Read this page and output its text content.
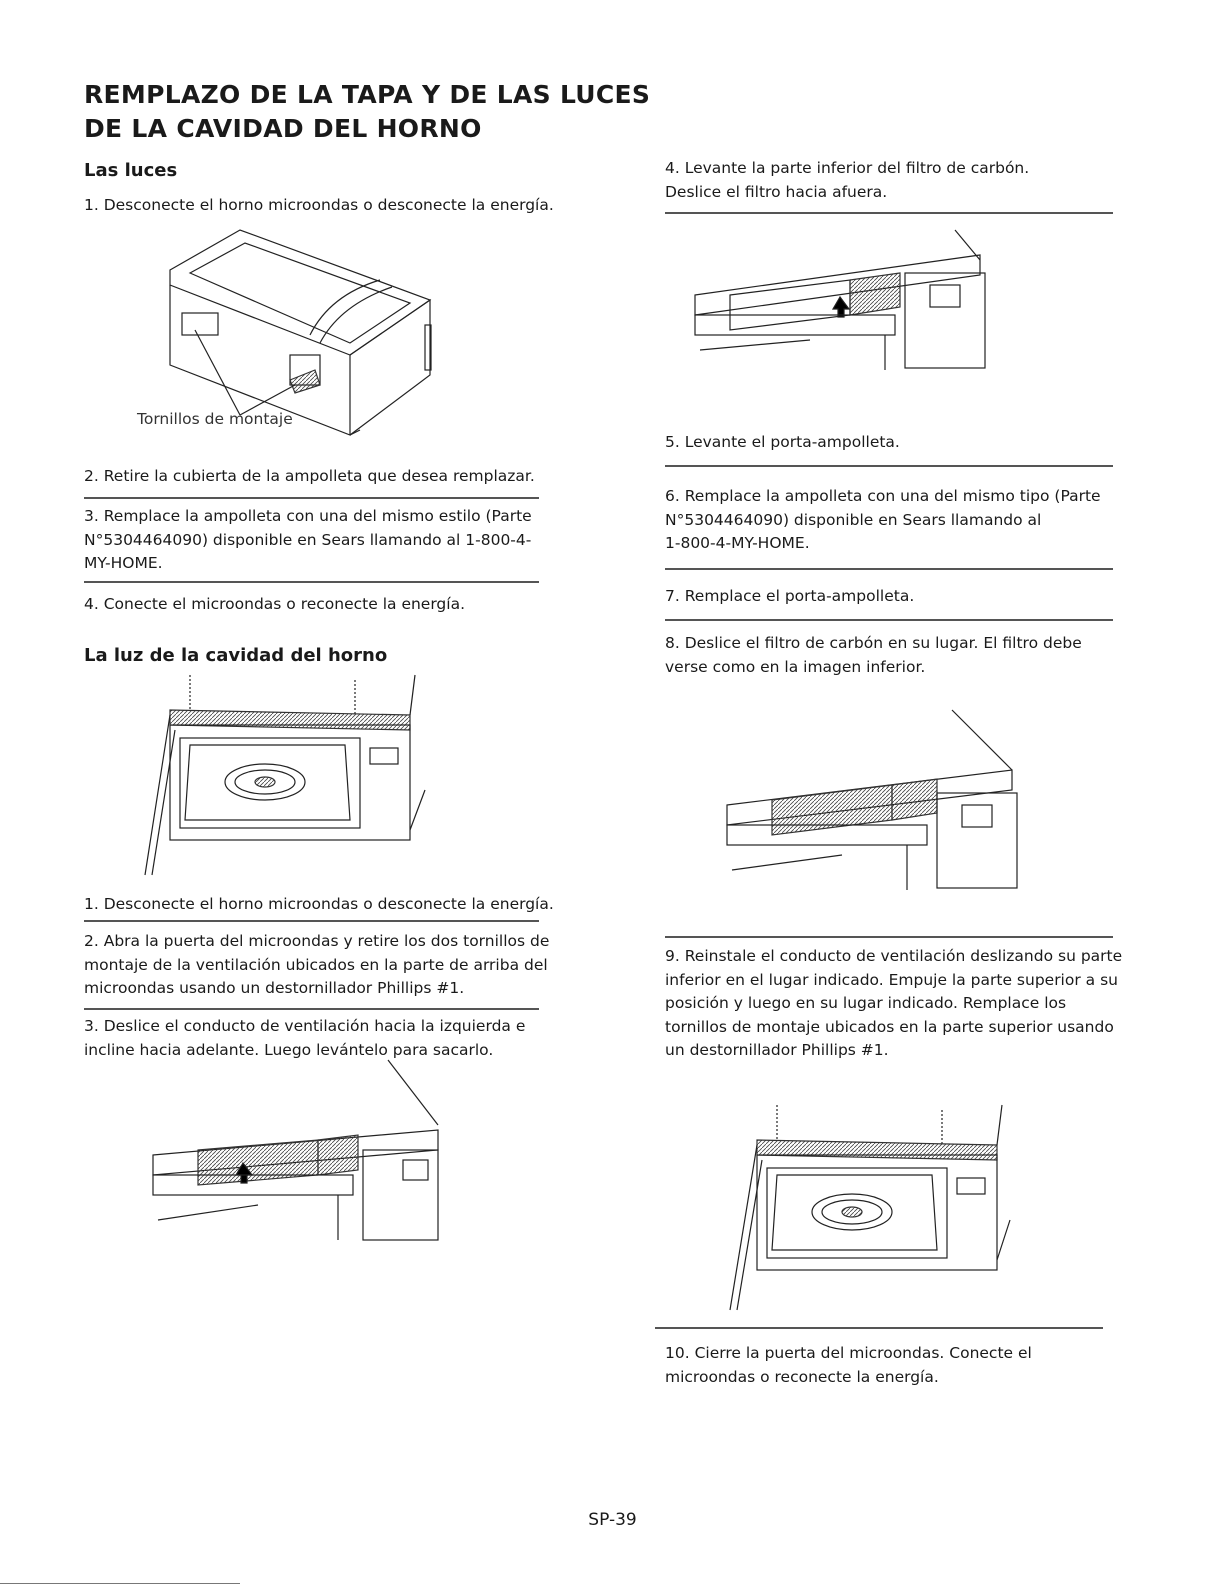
REMPLAZO DE LA TAPA Y DE LAS LUCES
DE LA CAVIDAD DEL HORNO
Las luces
1. Desconecte el horno microondas o desconecte la energía.
Tornillos de montaje
2. Retire la cubierta de la ampolleta que desea remplazar.
3. Remplace la ampolleta con una del mismo estilo (Parte
N°5304464090) disponible en Sears llamando al 1-800-4-
MY-HOME.
4. Conecte el microondas o reconecte la energía.
La luz de la cavidad del horno
1. Desconecte el horno microondas o desconecte la energía.
2. Abra la puerta del microondas y retire los dos tornillos de
montaje de la ventilación ubicados en la parte de arriba del
microondas usando un destornillador Phillips #1.
3. Deslice el conducto de ventilación hacia la izquierda e
incline hacia adelante. Luego levántelo para sacarlo.
4. Levante la parte inferior del filtro de carbón.
Deslice el filtro hacia afuera.
5. Levante el porta-ampolleta.
6. Remplace la ampolleta con una del mismo tipo (Parte
N°5304464090) disponible en Sears llamando al
1-800-4-MY-HOME.
7. Remplace el porta-ampolleta.
8. Deslice el filtro de carbón en su lugar. El filtro debe
verse como en la imagen inferior.
9. Reinstale el conducto de ventilación deslizando su parte
inferior en el lugar indicado. Empuje la parte superior a su
posición y luego en su lugar indicado. Remplace los
tornillos de montaje ubicados en la parte superior usando
un destornillador Phillips #1.
10. Cierre la puerta del microondas. Conecte el
microondas o reconecte la energía.
SP-39
